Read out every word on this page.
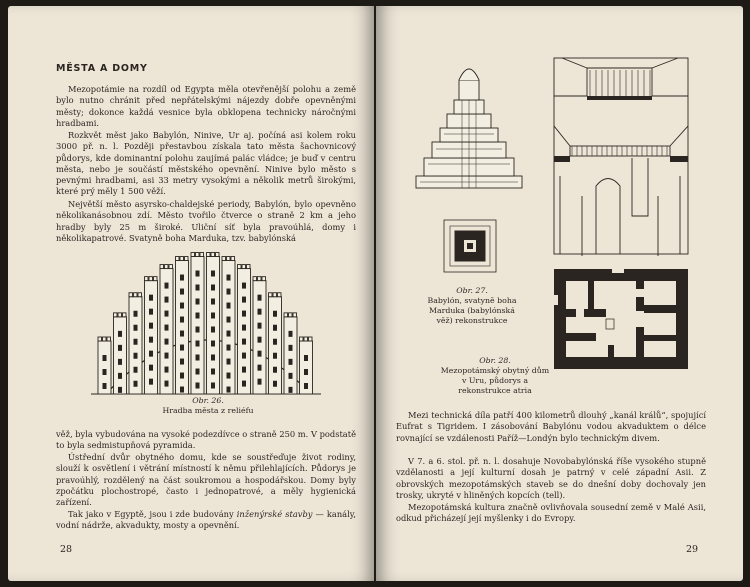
MĚSTA A DOMY

Mezopotámie na rozdíl od Egypta měla otevřenější polohu a země bylo nutno chránit před nepřátelskými nájezdy dobře opevněnými městy; dokonce každá vesnice byla obklopena technicky náročnými hradbami.

Rozkvět měst jako Babylón, Ninive, Ur aj. počíná asi kolem roku 3000 př. n. l. Později přestavbou získala tato města šachovnicový půdorys, kde dominantní polohu zaujímá palác vládce; je buď v centru města, nebo je součástí městského opevnění. Ninive bylo město s pevnými hradbami, asi 33 metry vysokými a několik metrů širokými, které prý měly 1 500 věží.

Největší město asyrsko-chaldejské periody, Babylón, bylo opevněno několikanásobnou zdí. Město tvořilo čtverce o straně 2 km a jeho hradby byly 25 m široké. Uliční síť byla pravoúhlá, domy i několikapatrové. Svatyně boha Marduka, tzv. babylónská

Obr. 26.
Hradba města z reliéfu

věž, byla vybudována na vysoké podezdívce o straně 250 m. V podstatě to byla sedmistupňová pyramida.

Ústřední dvůr obytného domu, kde se soustřeďuje život rodiny, slouží k osvětlení i větrání místností k němu přilehlajících. Půdorys je pravoúhlý, rozdělený na část soukromou a hospodářskou. Domy byly zpočátku plochostropé, často i jednopatrové, a měly hygienická zařízení.

Tak jako v Egyptě, jsou i zde budovány inženýrské stavby — kanály, vodní nádrže, akvadukty, mosty a opevnění.

28
Obr. 27.
Babylón, svatyně boha Marduka (babylónská věž) rekonstrukce
Obr. 28.
Mezopotámský obytný dům v Uru, půdorys a rekonstrukce atria

Mezi technická díla patří 400 kilometrů dlouhý „kanál králů“, spojující Eufrat s Tigridem. I zásobování Babylónu vodou akvaduktem o délce rovnající se vzdálenosti Paříž—Londýn bylo technickým divem.

V 7. a 6. stol. př. n. l. dosahuje Novobabylónská říše vysokého stupně vzdělanosti a její kulturní dosah je patrný v celé západní Asii. Z obrovských mezopotámských staveb se do dnešní doby dochovaly jen trosky, ukryté v hliněných kopcích (tell).

Mezopotámská kultura značně ovlivňovala sousední země v Malé Asii, odkud přicházejí její myšlenky i do Evropy.

29
